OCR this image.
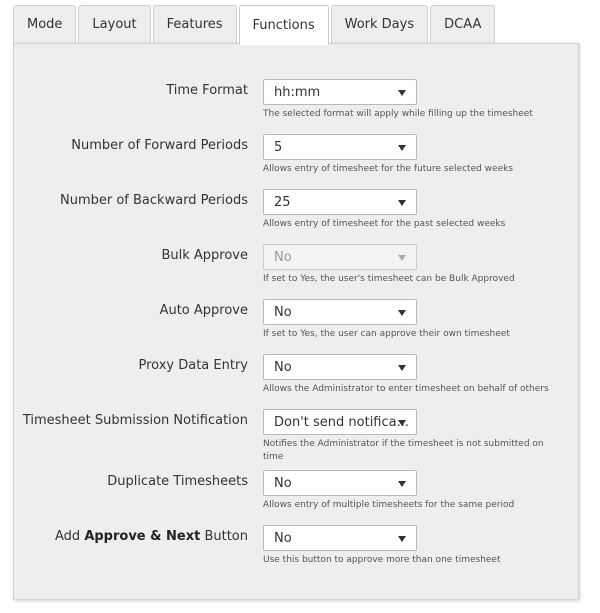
Mode	Layout	Features	Functions	Work Days	DCAA
Time Format	hh:mm
The selected format will apply while filling up the timesheet
Number of Forward Periods	5
Allows entry of timesheet for the future selected weeks
Number of Backward Periods	25
Allows entry of timesheet for the past selected weeks
Bulk Approve	No
If set to Yes, the user's timesheet can be Bulk Approved
Auto Approve	No
If set to Yes, the user can approve their own timesheet
Proxy Data Entry	No
Allows the Administrator to enter timesheet on behalf of others
Timesheet Submission Notification	Don't send notifica...
Notifies the Administrator if the timesheet is not submitted on time
Duplicate Timesheets	No
Allows entry of multiple timesheets for the same period
Add Approve & Next Button	No
Use this button to approve more than one timesheet
